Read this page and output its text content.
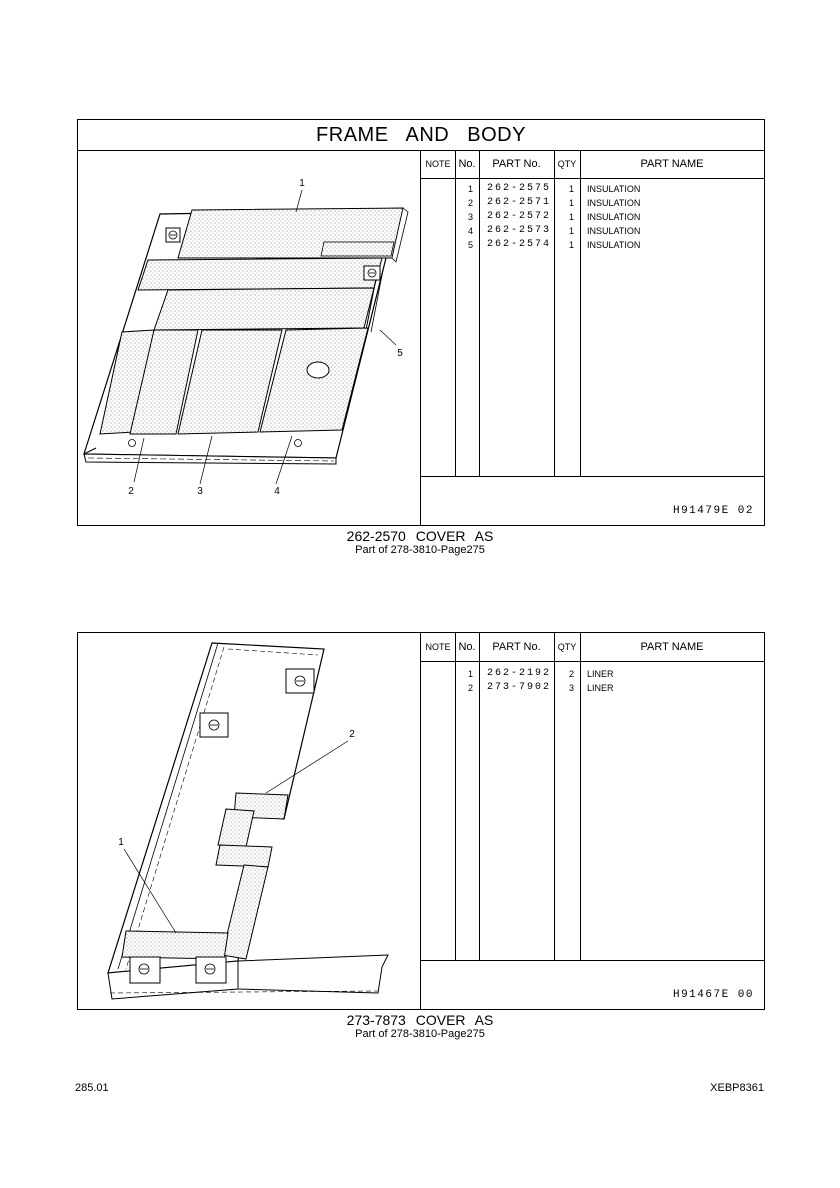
FRAME AND BODY
1
5
2	3	4
NOTE No.	PART No.	QTY	PART NAME
1 262-2575	1 INSULATION
2 262-2571	1 INSULATION
3 262-2572	1 INSULATION
4 262-2573	1 INSULATION
5 262-2574	1 INSULATION
H91479E 02
262-2570 COVER AS
Part of 278-3810-Page275
2
1
NOTE No.	PART No.	QTY	PART NAME
1 262-2192	2 LINER
2 273-7902	3 LINER
H91467E 00
273-7873 COVER AS
Part of 278-3810-Page275
285.01	XEBP8361
